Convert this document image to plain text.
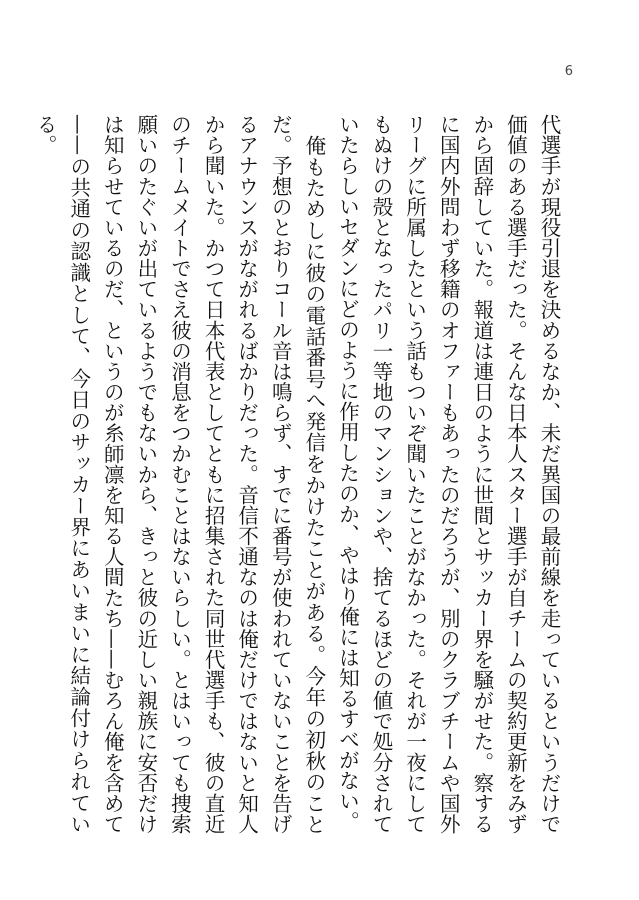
6

代選手が現役引退を決めるなか、未だ異国の最前線を走っているというだけで価値のある選手だった。そんな日本人スター選手が自チームの契約更新をみずから固辞していた。報道は連日のように世間とサッカー界を騒がせた。察するに国内外問わず移籍のオファーもあったのだろうが、別のクラブチームや国外リーグに所属したという話もついぞ聞いたことがなかった。それが一夜にしてもぬけの殻となったパリ一等地のマンションや、捨てるほどの値で処分されていたらしいセダンにどのように作用したのか、やはり俺には知るすべがない。

俺もためしに彼の電話番号へ発信をかけたことがある。今年の初秋のことだ。予想のとおりコール音は鳴らず、すでに番号が使われていないことを告げるアナウンスがながれるばかりだった。音信不通なのは俺だけではないと知人から聞いた。かつて日本代表としてともに招集された同世代選手も、彼の直近のチームメイトでさえ彼の消息をつかむことはないらしい。とはいっても捜索願いのたぐいが出ているようでもないから、きっと彼の近しい親族に安否だけは知らせているのだ、というのが糸師凛を知る人間たち——むろん俺を含めて——の共通の認識として、今日のサッカー界にあいまいに結論付けられている。
